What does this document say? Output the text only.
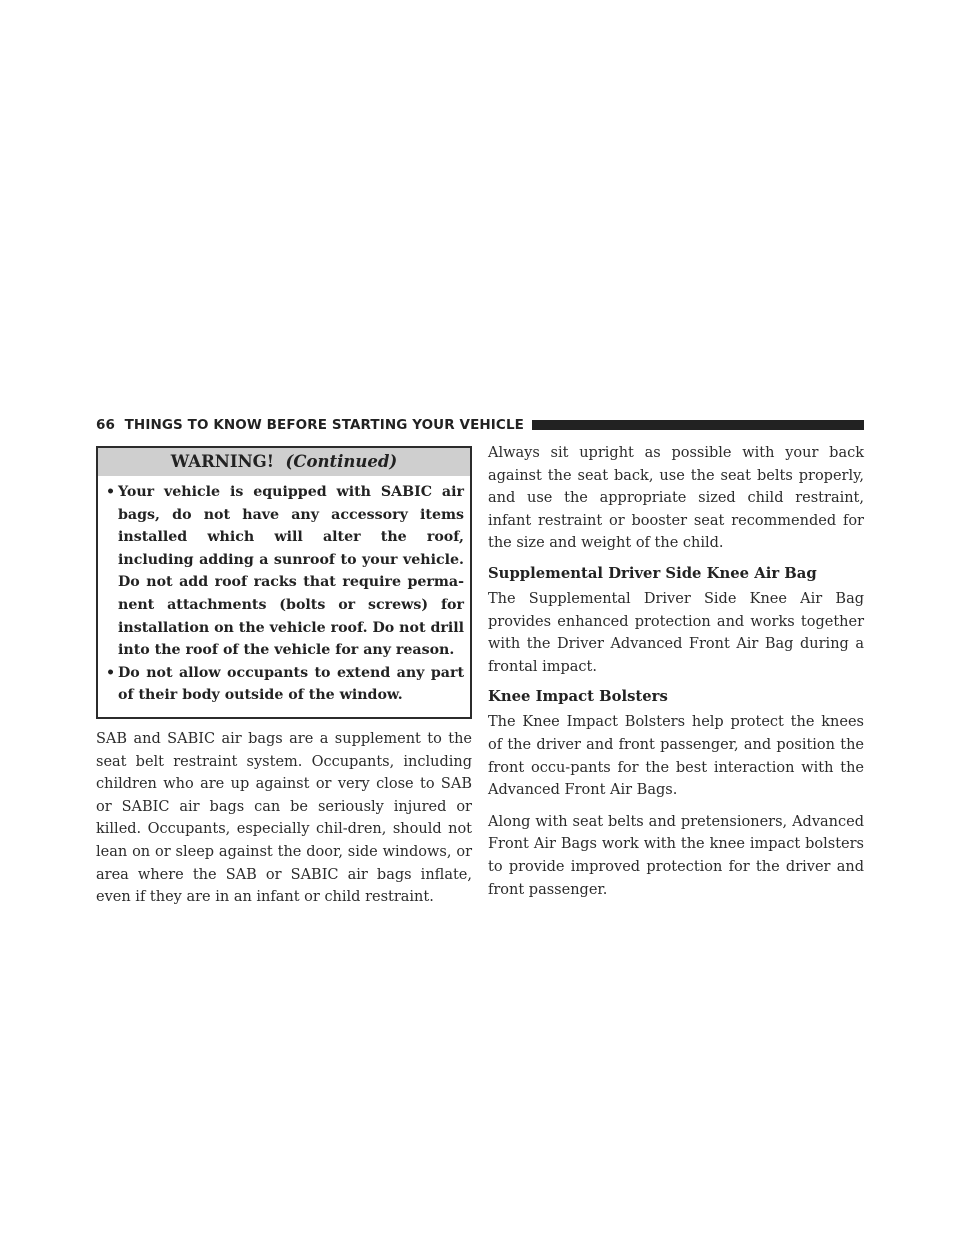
66 THINGS TO KNOW BEFORE STARTING YOUR VEHICLE
WARNING! (Continued)
• Your vehicle is equipped with SABIC air bags, do not have any accessory items installed which will alter the roof, including adding a sunroof to your vehicle. Do not add roof racks that require perma-nent attachments (bolts or screws) for installation on the vehicle roof. Do not drill into the roof of the vehicle for any reason.
• Do not allow occupants to extend any part of their body outside of the window.

SAB and SABIC air bags are a supplement to the seat belt restraint system. Occupants, including children who are up against or very close to SAB or SABIC air bags can be seriously injured or killed. Occupants, especially chil-dren, should not lean on or sleep against the door, side windows, or area where the SAB or SABIC air bags inflate, even if they are in an infant or child restraint.

Always sit upright as possible with your back against the seat back, use the seat belts properly, and use the appropriate sized child restraint, infant restraint or booster seat recommended for the size and weight of the child.

Supplemental Driver Side Knee Air Bag

The Supplemental Driver Side Knee Air Bag provides enhanced protection and works together with the Driver Advanced Front Air Bag during a frontal impact.

Knee Impact Bolsters

The Knee Impact Bolsters help protect the knees of the driver and front passenger, and position the front occu-pants for the best interaction with the Advanced Front Air Bags.

Along with seat belts and pretensioners, Advanced Front Air Bags work with the knee impact bolsters to provide improved protection for the driver and front passenger.
